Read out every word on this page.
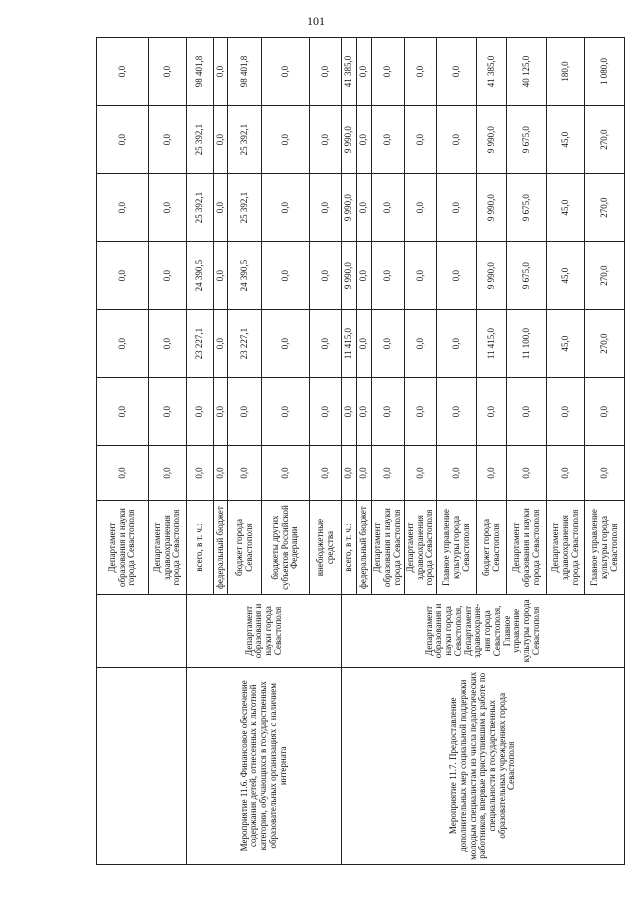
101
		Департамент образования и науки города Севастополя	0,0	0,0	0,0	0,0	0,0	0,0	0,0
		Департамент здравоохранения города Севастополя	0,0	0,0	0,0	0,0	0,0	0,0	0,0
Мероприятие 11.6. Финансовое обеспечение содержания детей, отнесенных к льготной категории, обучающихся в государственных образовательных организациях с наличием интерната	Департамент образования и науки города Севастополя	всего, в т. ч.:	0,0	0,0	23 227,1	24 390,5	25 392,1	25 392,1	98 401,8
		федеральный бюджет	0,0	0,0	0,0	0,0	0,0	0,0	0,0
		бюджет города Севастополя	0,0	0,0	23 227,1	24 390,5	25 392,1	25 392,1	98 401,8
		бюджеты других субъектов Российской Федерации	0,0	0,0	0,0	0,0	0,0	0,0	0,0
		внебюджетные средства	0,0	0,0	0,0	0,0	0,0	0,0	0,0
Мероприятие 11.7. Предоставление дополнительных мер социальной поддержки молодым специалистам из числа педагогических работников, впервые приступившим к работе по специальности в государственных образовательных учреждениях города Севастополя	Департамент образования и науки города Севастополя, Департамент здравоохране-ния города Севастополя, Главное управление культуры города Севастополя	всего, в т. ч.:	0,0	0,0	11 415,0	9 990,0	9 990,0	9 990,0	41 385,0
		федеральный бюджет	0,0	0,0	0,0	0,0	0,0	0,0	0,0
		Департамент образования и науки города Севастополя	0,0	0,0	0,0	0,0	0,0	0,0	0,0
		Департамент здравоохранения города Севастополя	0,0	0,0	0,0	0,0	0,0	0,0	0,0
		Главное управление культуры города Севастополя	0,0	0,0	0,0	0,0	0,0	0,0	0,0
		бюджет города Севастополя	0,0	0,0	11 415,0	9 990,0	9 990,0	9 990,0	41 385,0
		Департамент образования и науки города Севастополя	0,0	0,0	11 100,0	9 675,0	9 675,0	9 675,0	40 125,0
		Департамент здравоохранения города Севастополя	0,0	0,0	45,0	45,0	45,0	45,0	180,0
		Главное управление культуры города Севастополя	0,0	0,0	270,0	270,0	270,0	270,0	1 080,0
